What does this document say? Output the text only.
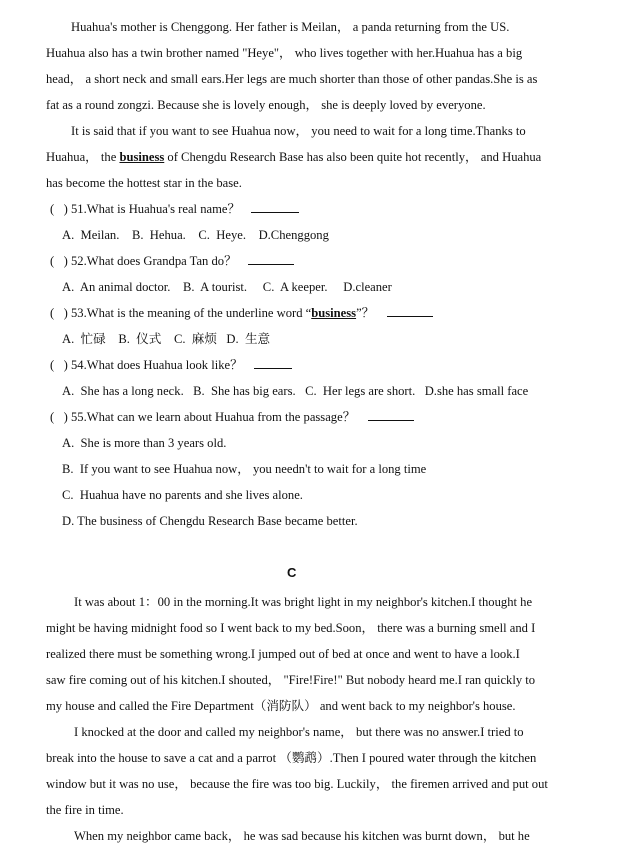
Huahua's mother is Chenggong. Her father is Meilan， a panda returning from the US.
Huahua also has a twin brother named "Heye"， who lives together with her.Huahua has a big
head， a short neck and small ears.Her legs are much shorter than those of other pandas.She is as
fat as a round zongzi. Because she is lovely enough， she is deeply loved by everyone.
It is said that if you want to see Huahua now， you need to wait for a long time.Thanks to
Huahua， the business of Chengdu Research Base has also been quite hot recently， and Huahua
has become the hottest star in the base.
(   ) 51.What is Huahua's real name？
A.  Meilan.    B.  Hehua.    C.  Heye.    D.Chenggong
(   ) 52.What does Grandpa Tan do？
A.  An animal doctor.    B.  A tourist.     C.  A keeper.     D.cleaner
(   ) 53.What is the meaning of the underline word “business”？
A.  忙碌    B.  仪式    C.  麻烦   D.  生意
(   ) 54.What does Huahua look like？
A.  She has a long neck.   B.  She has big ears.   C.  Her legs are short.   D.she has small face
(   ) 55.What can we learn about Huahua from the passage？
A.  She is more than 3 years old.
B.  If you want to see Huahua now， you needn't to wait for a long time
C.  Huahua have no parents and she lives alone.
D. The business of Chengdu Research Base became better.
C
It was about 1：00 in the morning.It was bright light in my neighbor's kitchen.I thought he
might be having midnight food so I went back to my bed.Soon， there was a burning smell and I
realized there must be something wrong.I jumped out of bed at once and went to have a look.I
saw fire coming out of his kitchen.I shouted， "Fire!Fire!" But nobody heard me.I ran quickly to
my house and called the Fire Department（消防队） and went back to my neighbor's house.
I knocked at the door and called my neighbor's name， but there was no answer.I tried to
break into the house to save a cat and a parrot （鹦鹉）.Then I poured water through the kitchen
window but it was no use， because the fire was too big. Luckily， the firemen arrived and put out
the fire in time.
When my neighbor came back， he was sad because his kitchen was burnt down， but he
